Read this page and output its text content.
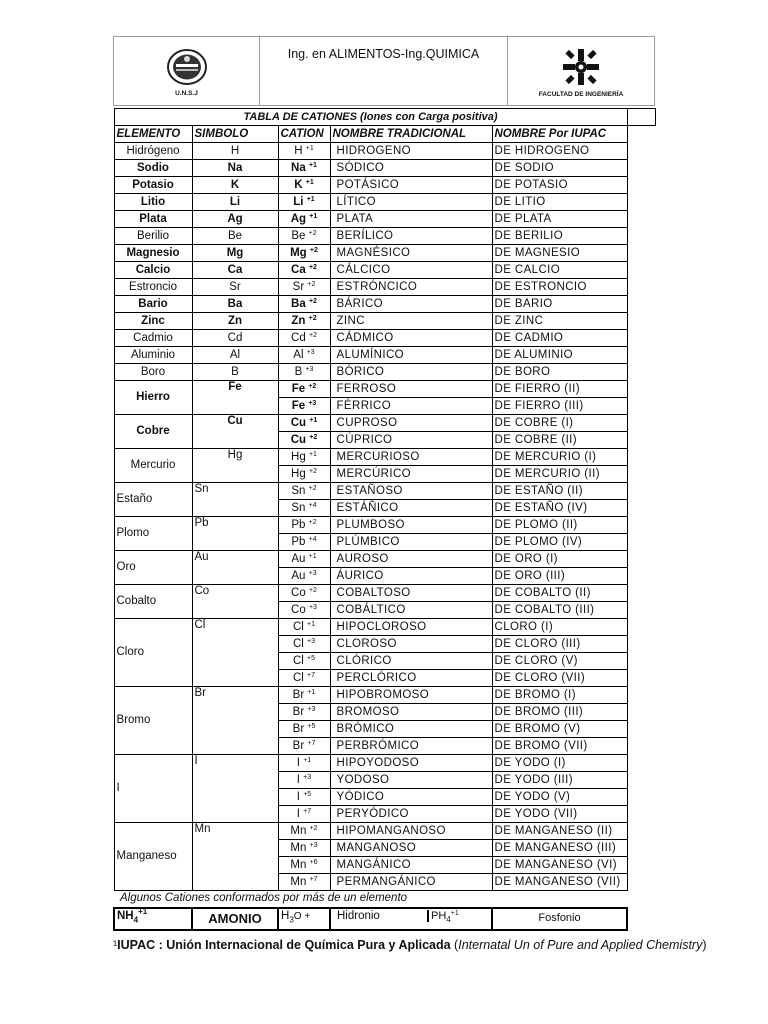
U.N.S.J
	Ing. en ALIMENTOS-Ing.QUIMICA	
FACULTAD DE INGENIERÍA
TABLA DE CATIONES (Iones con Carga positiva)					
ELEMENTO	SIMBOLO	CATION	NOMBRE TRADICIONAL	NOMBRE Por IUPAC	
Hidrógeno	H	H $^{+1}$	HIDROGENO	DE HIDROGENO	
Sodio	Na	Na $^{+1}$	SÓDICO	DE SODIO	
Potasio	K	K $^{+1}$	POTÁSICO	DE POTASIO	
Litio	Li	Li $^{+1}$	LÍTICO	DE LITIO	
Plata	Ag	Ag $^{+1}$	PLATA	DE PLATA	
Berilio	Be	Be $^{+2}$	BERÍLICO	DE BERILIO	
Magnesio	Mg	Mg $^{+2}$	MAGNÉSICO	DE MAGNESIO	
Calcio	Ca	Ca $^{+2}$	CÁLCICO	DE CALCIO	
Estroncio	Sr	Sr $^{+2}$	ESTRÓNCICO	DE ESTRONCIO	
Bario	Ba	Ba $^{+2}$	BÁRICO	DE BARIO	
Zinc	Zn	Zn $^{+2}$	ZINC	DE ZINC	
Cadmio	Cd	Cd $^{+2}$	CÁDMICO	DE CADMIO	
Aluminio	Al	Al $^{+3}$	ALUMÍNICO	DE ALUMINIO	
Boro	B	B $^{+3}$	BÓRICO	DE BORO	
Hierro	Fe	Fe $^{+2}$	FERROSO	DE FIERRO (II)	
		Fe $^{+3}$	FÉRRICO	DE FIERRO (III)	
Cobre	Cu	Cu $^{+1}$	CUPROSO	DE COBRE (I)	
		Cu $^{+2}$	CÚPRICO	DE COBRE (II)	
Mercurio	Hg	Hg $^{+1}$	MERCURIOSO	DE MERCURIO (I)	
		Hg $^{+2}$	MERCÚRICO	DE MERCURIO (II)	
Estaño	Sn	Sn $^{+2}$	ESTAÑOSO	DE ESTAÑO (II)	
		Sn $^{+4}$	ESTÁÑICO	DE ESTAÑO (IV)	
Plomo	Pb	Pb $^{+2}$	PLUMBOSO	DE PLOMO (II)	
		Pb $^{+4}$	PLÚMBICO	DE PLOMO (IV)	
Oro	Au	Au $^{+1}$	AUROSO	DE ORO (I)	
		Au $^{+3}$	ÁURICO	DE ORO (III)	
Cobalto	Co	Co $^{+2}$	COBALTOSO	DE COBALTO (II)	
		Co $^{+3}$	COBÁLTICO	DE COBALTO (III)	
Cloro	Cl	Cl $^{+1}$	HIPOCLOROSO	CLORO (I)	
		Cl $^{+3}$	CLOROSO	DE CLORO (III)	
		Cl $^{+5}$	CLÓRICO	DE CLORO (V)	
		Cl $^{+7}$	PERCLÓRICO	DE CLORO (VII)	
Bromo	Br	Br $^{+1}$	HIPOBROMOSO	DE BROMO (I)	
		Br $^{+3}$	BROMOSO	DE BROMO (III)	
		Br $^{+5}$	BRÓMICO	DE BROMO (V)	
		Br $^{+7}$	PERBRÓMICO	DE BROMO (VII)	
I	I	I $^{+1}$	HIPOYODOSO	DE YODO (I)	
		I $^{+3}$	YODOSO	DE YODO (III)	
		I $^{+5}$	YÓDICO	DE YODO (V)	
		I $^{+7}$	PERYÓDICO	DE YODO (VII)	
Manganeso	Mn	Mn $^{+2}$	HIPOMANGANOSO	DE MANGANESO (II)	
		Mn $^{+3}$	MANGANOSO	DE MANGANESO (III)	
		Mn $^{+6}$	MANGÁNICO	DE MANGANESO (VI)	
		Mn $^{+7}$	PERMANGÁNICO	DE MANGANESO (VII)	
Algunos Cationes conformados por más de un elemento					
$NH_4^{+1}$	AMONIO	$H_3O$ +	Hidronio $PH_4^{+1}$	Fosfonio	
¹IUPAC : Unión Internacional de Química Pura y Aplicada (Internatal Un of Pure and Applied Chemistry)
